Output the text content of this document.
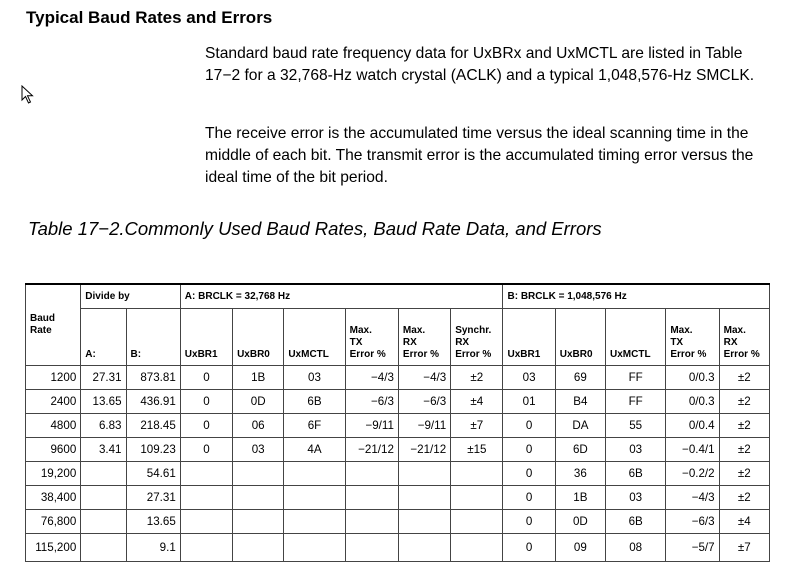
Typical Baud Rates and Errors
Standard baud rate frequency data for UxBRx and UxMCTL are listed in Table 17−2 for a 32,768-Hz watch crystal (ACLK) and a typical 1,048,576-Hz SMCLK.
The receive error is the accumulated time versus the ideal scanning time in the middle of each bit. The transmit error is the accumulated timing error versus the ideal time of the bit period.
Table 17−2.Commonly Used Baud Rates, Baud Rate Data, and Errors
Baud
Rate	Divide by		A: BRCLK = 32,768 Hz						B: BRCLK = 1,048,576 Hz				
	A:	B:	UxBR1	UxBR0	UxMCTL	Max.
TX
Error %	Max.
RX
Error %	Synchr.
RX
Error %	UxBR1	UxBR0	UxMCTL	Max.
TX
Error %	Max.
RX
Error %
1200	27.31	873.81	0	1B	03	−4/3	−4/3	±2	03	69	FF	0/0.3	±2
2400	13.65	436.91	0	0D	6B	−6/3	−6/3	±4	01	B4	FF	0/0.3	±2
4800	6.83	218.45	0	06	6F	−9/11	−9/11	±7	0	DA	55	0/0.4	±2
9600	3.41	109.23	0	03	4A	−21/12	−21/12	±15	0	6D	03	−0.4/1	±2
19,200		54.61							0	36	6B	−0.2/2	±2
38,400		27.31							0	1B	03	−4/3	±2
76,800		13.65							0	0D	6B	−6/3	±4
115,200		9.1							0	09	08	−5/7	±7
